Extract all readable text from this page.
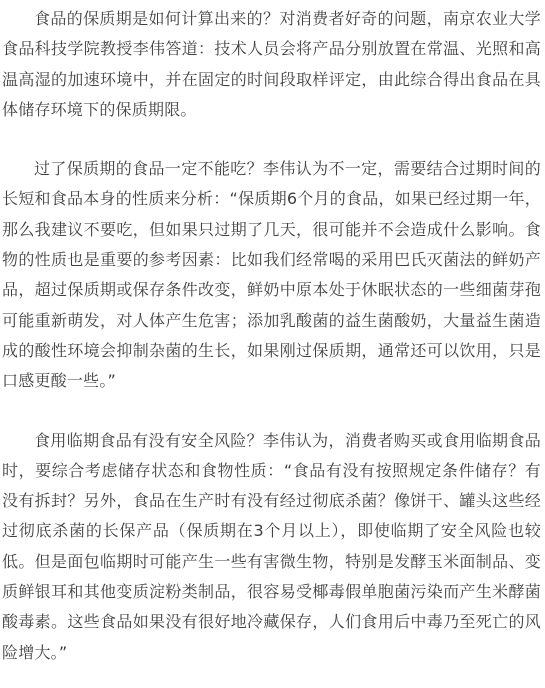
食品的保质期是如何计算出来的？对消费者好奇的问题，南京农业大学食品科技学院教授李伟答道：技术人员会将产品分别放置在常温、光照和高温高湿的加速环境中，并在固定的时间段取样评定，由此综合得出食品在具体储存环境下的保质期限。

过了保质期的食品一定不能吃？李伟认为不一定，需要结合过期时间的长短和食品本身的性质来分析：“保质期6个月的食品，如果已经过期一年，那么我建议不要吃，但如果只过期了几天，很可能并不会造成什么影响。食物的性质也是重要的参考因素：比如我们经常喝的采用巴氏灭菌法的鲜奶产品，超过保质期或保存条件改变，鲜奶中原本处于休眠状态的一些细菌芽孢可能重新萌发，对人体产生危害；添加乳酸菌的益生菌酸奶，大量益生菌造成的酸性环境会抑制杂菌的生长，如果刚过保质期，通常还可以饮用，只是口感更酸一些。”

食用临期食品有没有安全风险？李伟认为，消费者购买或食用临期食品时，要综合考虑储存状态和食物性质：“食品有没有按照规定条件储存？有没有拆封？另外，食品在生产时有没有经过彻底杀菌？像饼干、罐头这些经过彻底杀菌的长保产品（保质期在3个月以上），即使临期了安全风险也较低。但是面包临期时可能产生一些有害微生物，特别是发酵玉米面制品、变质鲜银耳和其他变质淀粉类制品，很容易受椰毒假单胞菌污染而产生米酵菌酸毒素。这些食品如果没有很好地冷藏保存，人们食用后中毒乃至死亡的风险增大。”
